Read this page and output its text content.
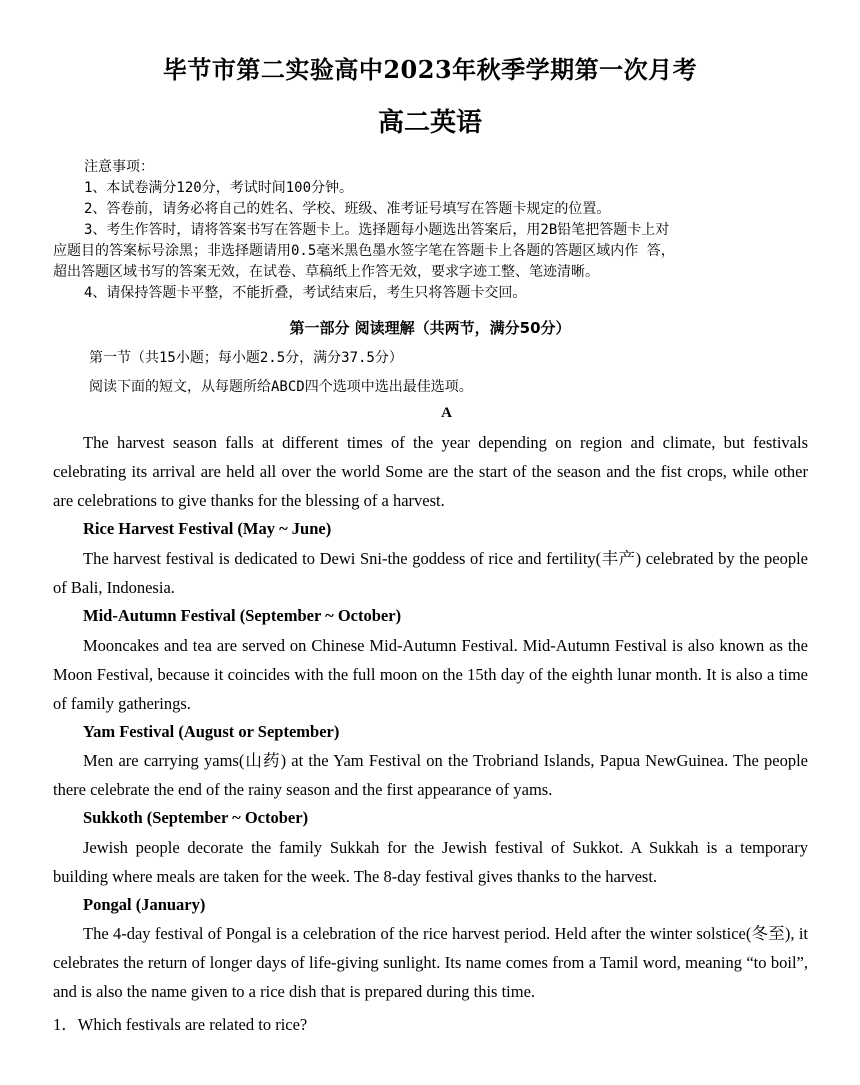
毕节市第二实验高中2023年秋季学期第一次月考
高二英语
注意事项：
1、本试卷满分120分，考试时间100分钟。
2、答卷前，请务必将自己的姓名、学校、班级、准考证号填写在答题卡规定的位置。
3、考生作答时，请将答案书写在答题卡上。选择题每小题选出答案后，用2B铅笔把答题卡上对
应题目的答案标号涂黑；非选择题请用0.5毫米黑色墨水签字笔在答题卡上各题的答题区域内作 答，
超出答题区域书写的答案无效，在试卷、草稿纸上作答无效，要求字迹工整、笔迹清晰。
4、请保持答题卡平整，不能折叠，考试结束后，考生只将答题卡交回。
第一部分 阅读理解（共两节，满分50分）
第一节（共15小题；每小题2.5分，满分37.5分）
阅读下面的短文，从每题所给ABCD四个选项中选出最佳选项。
A
The harvest season falls at different times of the year depending on region and climate, but festivals celebrating its arrival are held all over the world Some are the start of the season and the fist crops, while other are celebrations to give thanks for the blessing of a harvest.
Rice Harvest Festival (May ~ June)
The harvest festival is dedicated to Dewi Sni-the goddess of rice and fertility(丰产) celebrated by the people of Bali, Indonesia.
Mid-Autumn Festival (September ~ October)
Mooncakes and tea are served on Chinese Mid-Autumn Festival. Mid-Autumn Festival is also known as the Moon Festival, because it coincides with the full moon on the 15th day of the eighth lunar month. It is also a time of family gatherings.
Yam Festival (August or September)
Men are carrying yams(山药) at the Yam Festival on the Trobriand Islands, Papua NewGuinea. The people there celebrate the end of the rainy season and the first appearance of yams.
Sukkoth (September ~ October)
Jewish people decorate the family Sukkah for the Jewish festival of Sukkot. A Sukkah is a temporary building where meals are taken for the week. The 8-day festival gives thanks to the harvest.
Pongal (January)
The 4-day festival of Pongal is a celebration of the rice harvest period. Held after the winter solstice(冬至), it celebrates the return of longer days of life-giving sunlight. Its name comes from a Tamil word, meaning “to boil”, and is also the name given to a rice dish that is prepared during this time.
1．Which festivals are related to rice?
